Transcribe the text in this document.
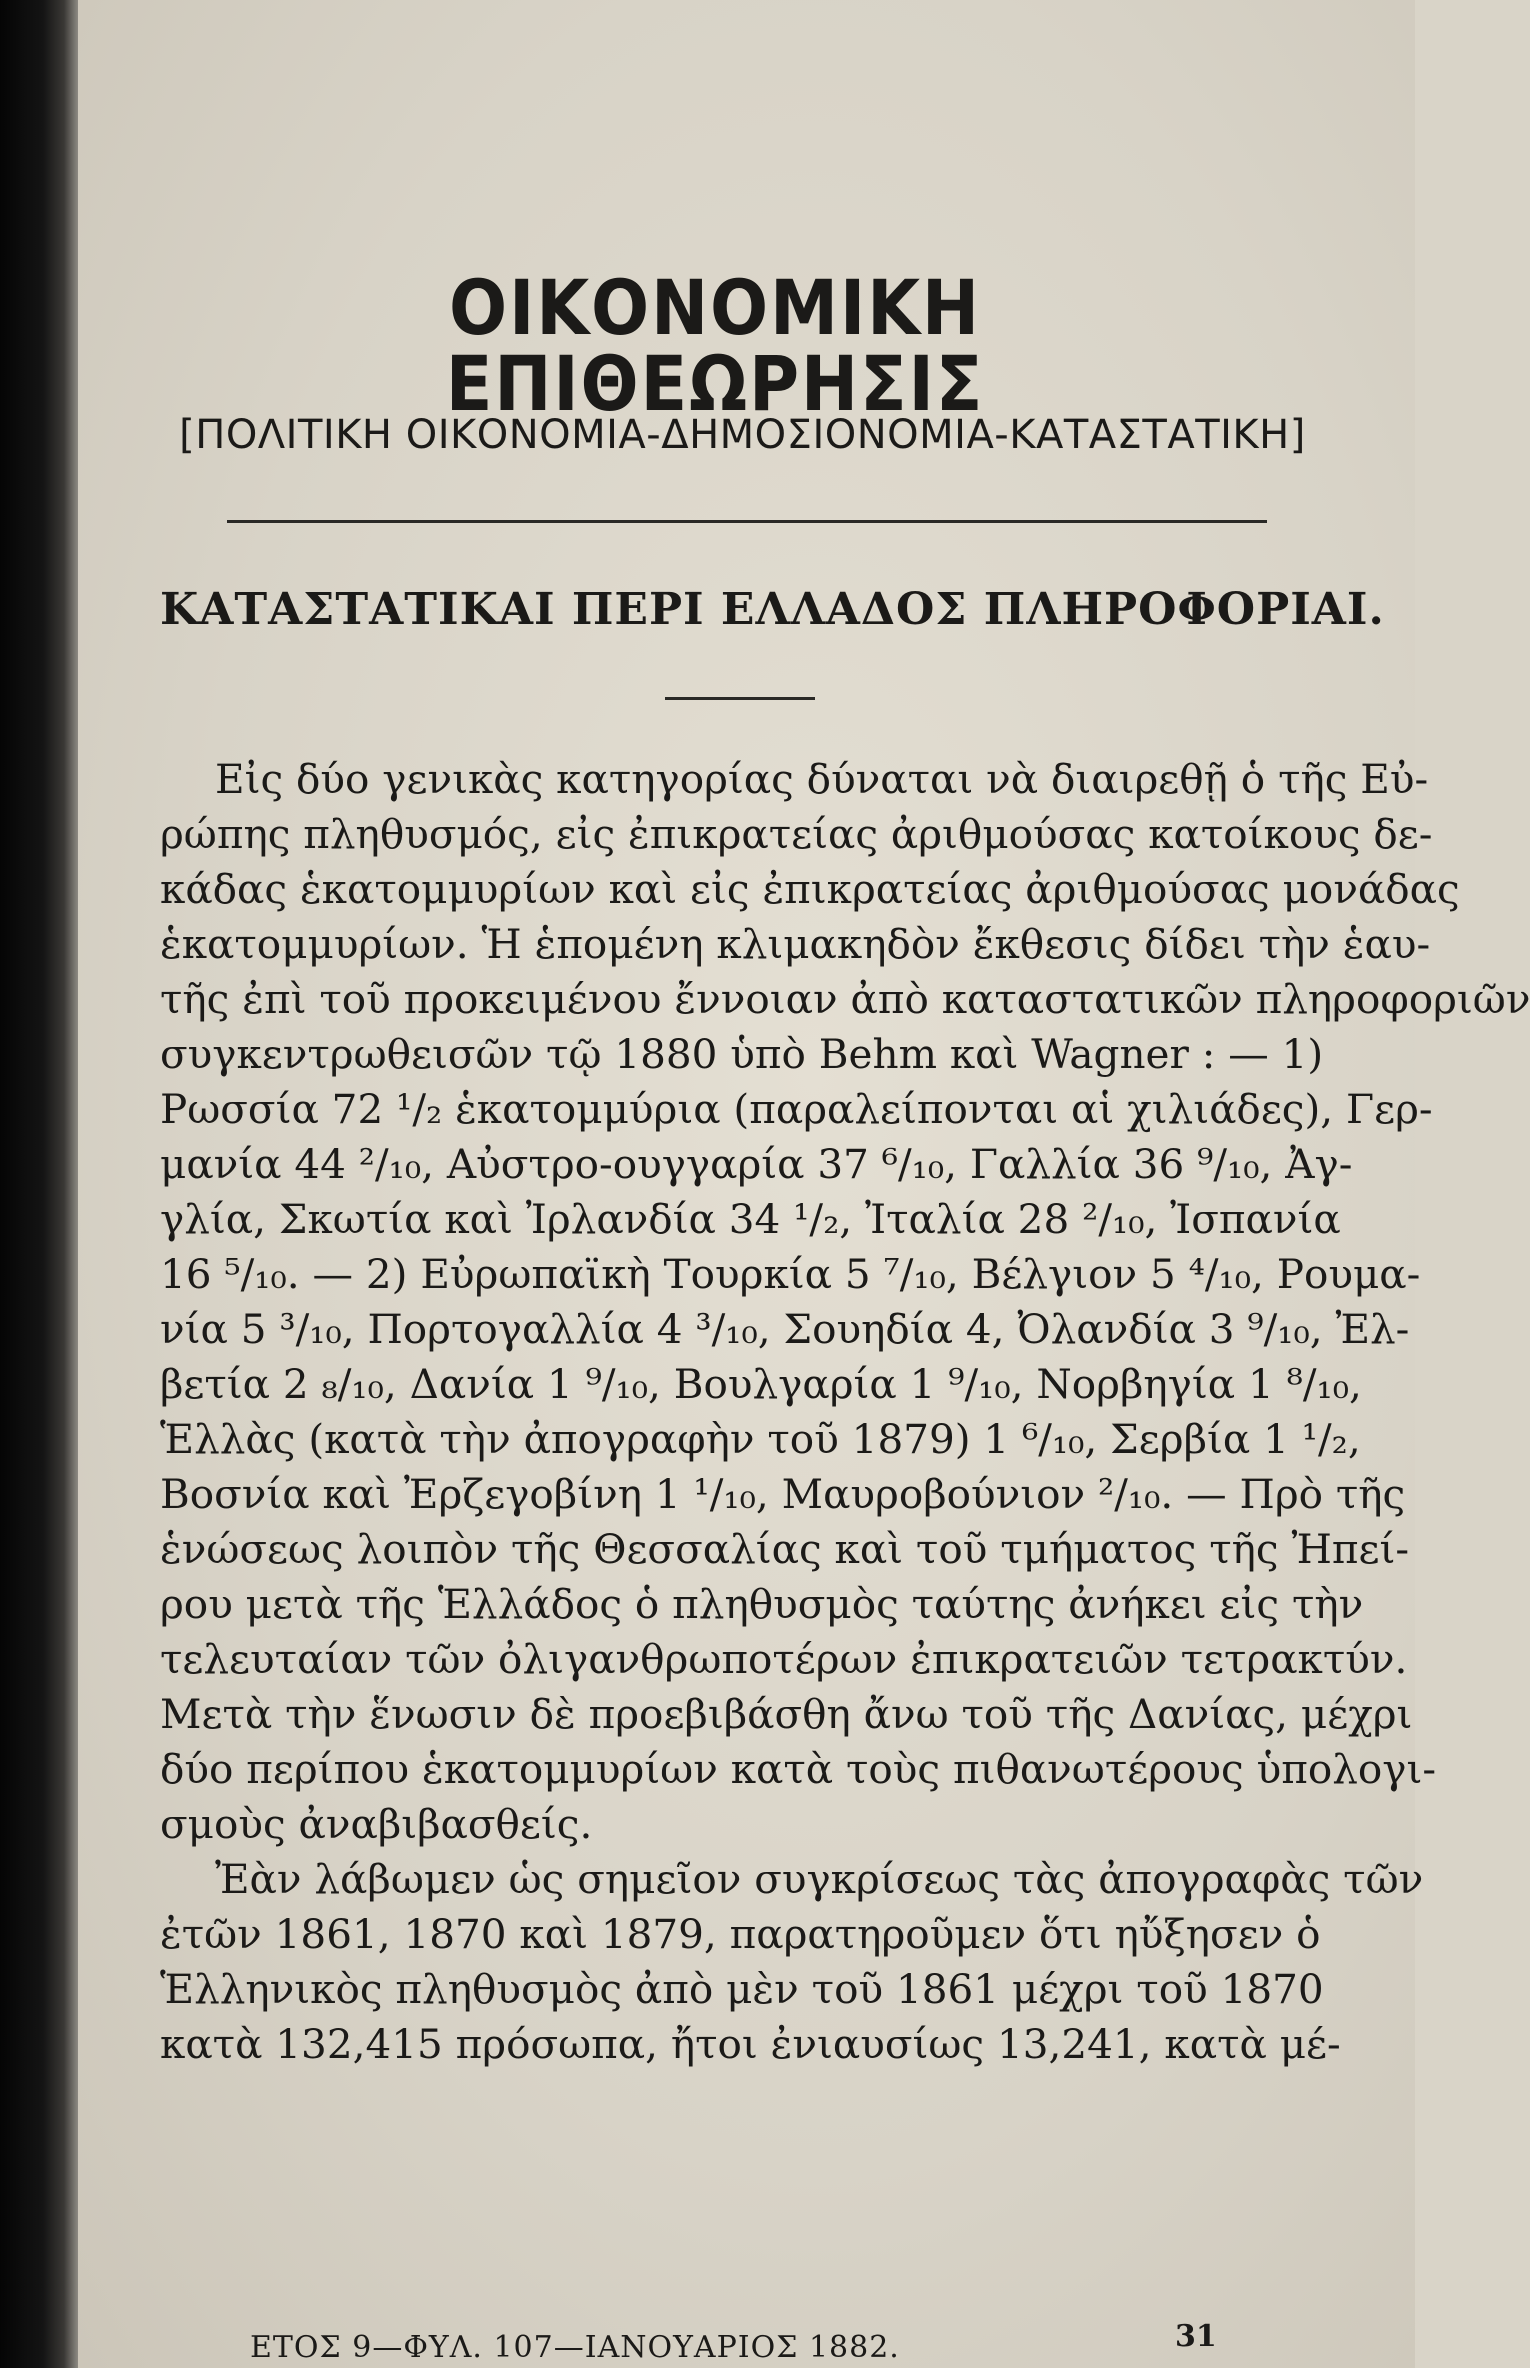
ΟΙΚΟΝΟΜΙΚΗ ΕΠΙΘΕΩΡΗΣΙΣ
[ΠΟΛΙΤΙΚΗ ΟΙΚΟΝΟΜΙΑ-ΔΗΜΟΣΙΟΝΟΜΙΑ-ΚΑΤΑΣΤΑΤΙΚΗ]
ΚΑΤΑΣΤΑΤΙΚΑΙ ΠΕΡΙ ΕΛΛΑΔΟΣ ΠΛΗΡΟΦΟΡΙΑΙ.
Εἰς δύο γενικὰς κατηγορίας δύναται νὰ διαιρεθῇ ὁ τῆς Εὐ-
ρώπης πληθυσμός, εἰς ἐπικρατείας ἀριθμούσας κατοίκους δε-
κάδας ἑκατομμυρίων καὶ εἰς ἐπικρατείας ἀριθμούσας μονάδας
ἑκατομμυρίων. Ἡ ἑπομένη κλιμακηδὸν ἔκθεσις δίδει τὴν ἑαυ-
τῆς ἐπὶ τοῦ προκειμένου ἔννοιαν ἀπὸ καταστατικῶν πληροφοριῶν
συγκεντρωθεισῶν τῷ 1880 ὑπὸ Behm καὶ Wagner : — 1)
Ρωσσία 72 ¹/₂ ἑκατομμύρια (παραλείπονται αἱ χιλιάδες), Γερ-
μανία 44 ²/₁₀, Αὐστρο-ουγγαρία 37 ⁶/₁₀, Γαλλία 36 ⁹/₁₀, Ἀγ-
γλία, Σκωτία καὶ Ἰρλανδία 34 ¹/₂, Ἰταλία 28 ²/₁₀, Ἰσπανία
16 ⁵/₁₀. — 2) Εὐρωπαϊκὴ Τουρκία 5 ⁷/₁₀, Βέλγιον 5 ⁴/₁₀, Ρουμα-
νία 5 ³/₁₀, Πορτογαλλία 4 ³/₁₀, Σουηδία 4, Ὀλανδία 3 ⁹/₁₀, Ἐλ-
βετία 2 ₈/₁₀, Δανία 1 ⁹/₁₀, Βουλγαρία 1 ⁹/₁₀, Νορβηγία 1 ⁸/₁₀,
Ἑλλὰς (κατὰ τὴν ἀπογραφὴν τοῦ 1879) 1 ⁶/₁₀, Σερβία 1 ¹/₂,
Βοσνία καὶ Ἐρζεγοβίνη 1 ¹/₁₀, Μαυροβούνιον ²/₁₀. — Πρὸ τῆς
ἑνώσεως λοιπὸν τῆς Θεσσαλίας καὶ τοῦ τμήματος τῆς Ἠπεί-
ρου μετὰ τῆς Ἑλλάδος ὁ πληθυσμὸς ταύτης ἀνήκει εἰς τὴν
τελευταίαν τῶν ὀλιγανθρωποτέρων ἐπικρατειῶν τετρακτύν.
Μετὰ τὴν ἕνωσιν δὲ προεβιβάσθη ἄνω τοῦ τῆς Δανίας, μέχρι
δύο περίπου ἑκατομμυρίων κατὰ τοὺς πιθανωτέρους ὑπολογι-
σμοὺς ἀναβιβασθείς.
Ἐὰν λάβωμεν ὡς σημεῖον συγκρίσεως τὰς ἀπογραφὰς τῶν
ἐτῶν 1861, 1870 καὶ 1879, παρατηροῦμεν ὅτι ηὔξησεν ὁ
Ἑλληνικὸς πληθυσμὸς ἀπὸ μὲν τοῦ 1861 μέχρι τοῦ 1870
κατὰ 132,415 πρόσωπα, ἤτοι ἐνιαυσίως 13,241, κατὰ μέ-
31
ΕΤΟΣ 9—ΦΥΛ. 107—ΙΑΝΟΥΑΡΙΟΣ 1882.
